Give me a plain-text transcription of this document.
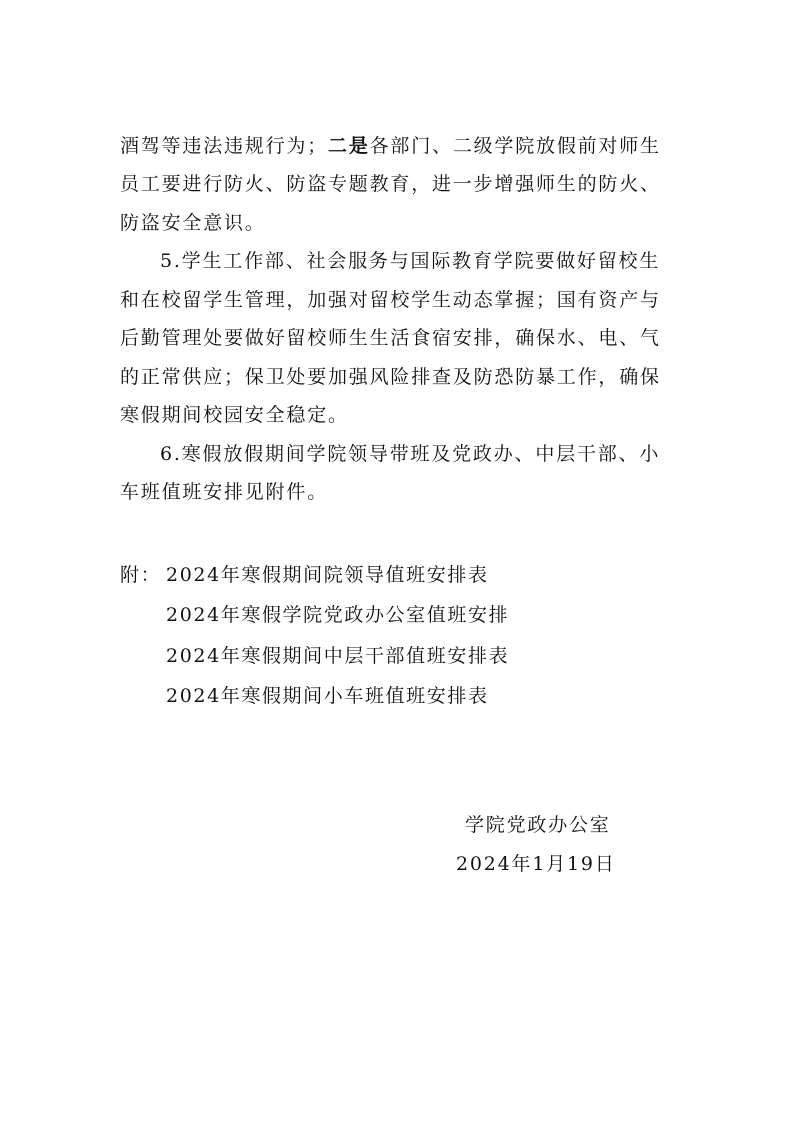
酒驾等违法违规行为；二是各部门、二级学院放假前对师生
员工要进行防火、防盗专题教育，进一步增强师生的防火、
防盗安全意识。
5.学生工作部、社会服务与国际教育学院要做好留校生
和在校留学生管理，加强对留校学生动态掌握；国有资产与
后勤管理处要做好留校师生生活食宿安排，确保水、电、气
的正常供应；保卫处要加强风险排查及防恐防暴工作，确保
寒假期间校园安全稳定。
6.寒假放假期间学院领导带班及党政办、中层干部、小
车班值班安排见附件。
附： 2024年寒假期间院领导值班安排表
2024年寒假学院党政办公室值班安排
2024年寒假期间中层干部值班安排表
2024年寒假期间小车班值班安排表
学院党政办公室
2024年1月19日
